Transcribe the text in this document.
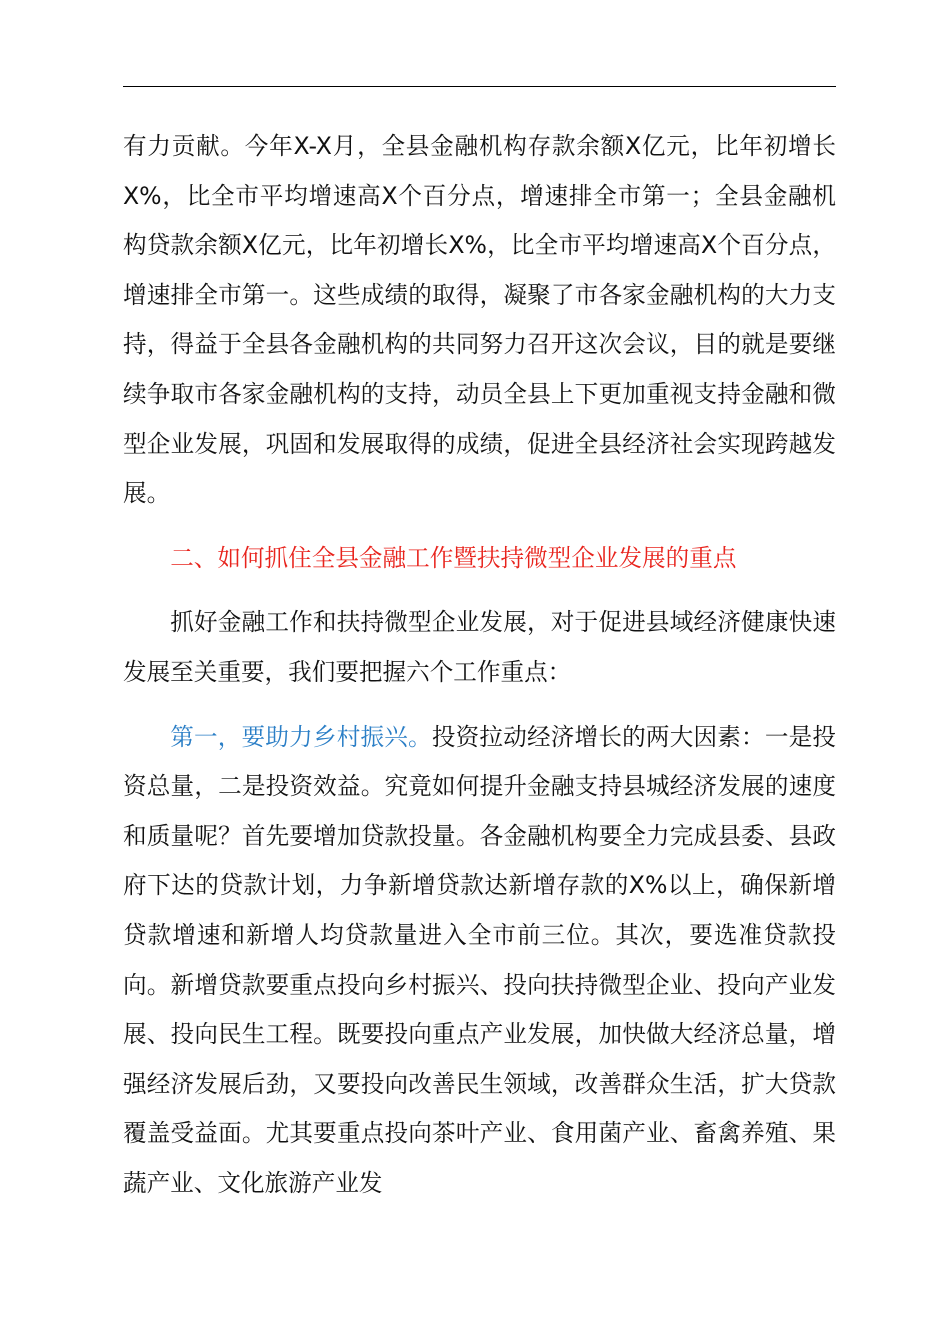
有力贡献。今年X-X月，全县金融机构存款余额X亿元，比年初增长X%，比全市平均增速高X个百分点，增速排全市第一；全县金融机构贷款余额X亿元，比年初增长X%，比全市平均增速高X个百分点，增速排全市第一。这些成绩的取得，凝聚了市各家金融机构的大力支持，得益于全县各金融机构的共同努力召开这次会议，目的就是要继续争取市各家金融机构的支持，动员全县上下更加重视支持金融和微型企业发展，巩固和发展取得的成绩，促进全县经济社会实现跨越发展。

二、如何抓住全县金融工作暨扶持微型企业发展的重点

抓好金融工作和扶持微型企业发展，对于促进县域经济健康快速发展至关重要，我们要把握六个工作重点：

第一，要助力乡村振兴。投资拉动经济增长的两大因素：一是投资总量，二是投资效益。究竟如何提升金融支持县城经济发展的速度和质量呢？首先要增加贷款投量。各金融机构要全力完成县委、县政府下达的贷款计划，力争新增贷款达新增存款的X%以上，确保新增贷款增速和新增人均贷款量进入全市前三位。其次，要选准贷款投向。新增贷款要重点投向乡村振兴、投向扶持微型企业、投向产业发展、投向民生工程。既要投向重点产业发展，加快做大经济总量，增强经济发展后劲，又要投向改善民生领域，改善群众生活，扩大贷款覆盖受益面。尤其要重点投向茶叶产业、食用菌产业、畜禽养殖、果蔬产业、文化旅游产业发
